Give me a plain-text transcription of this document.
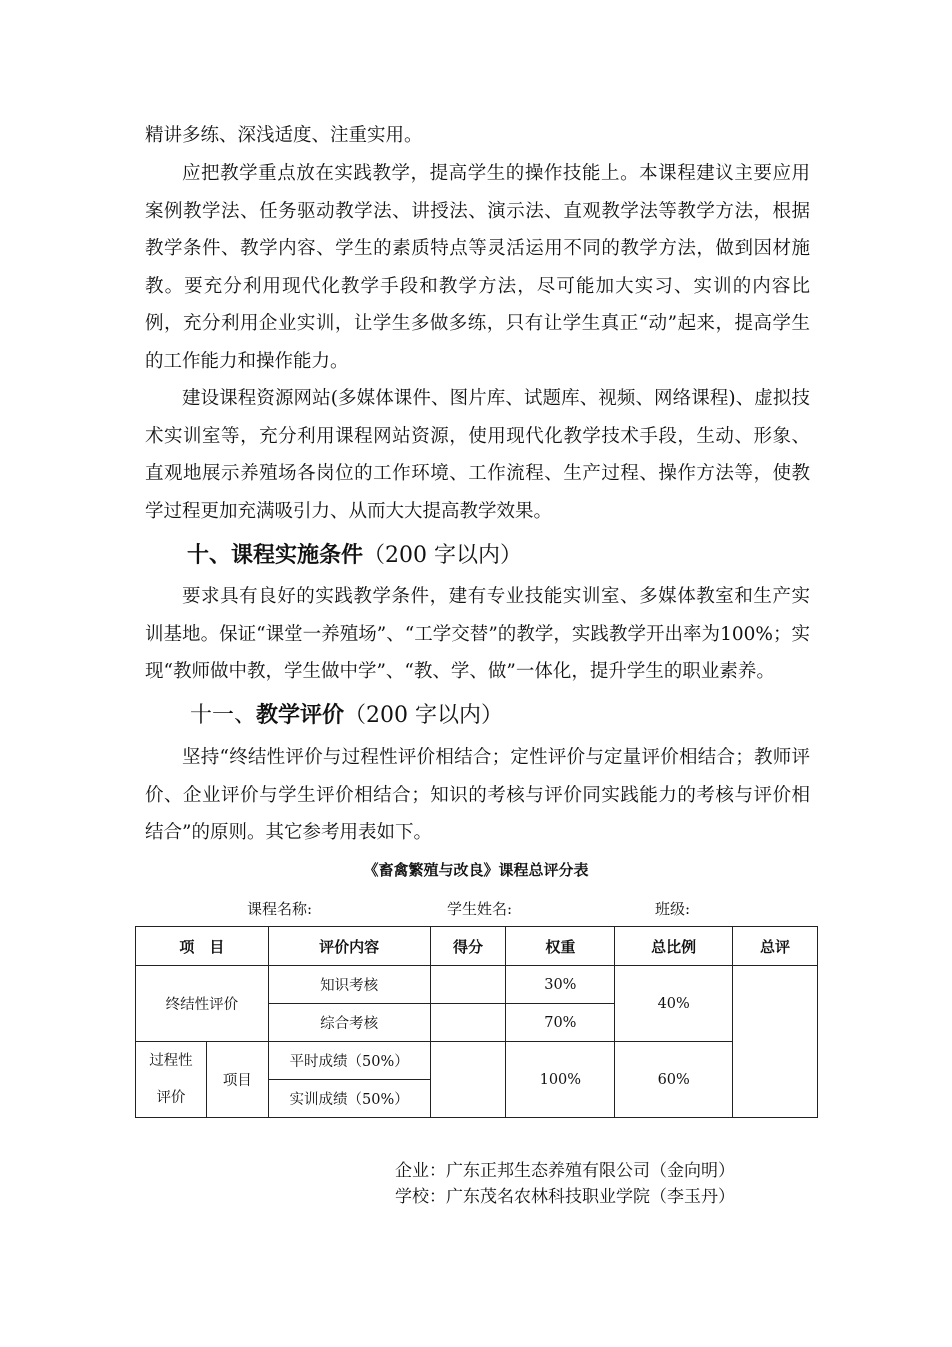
精讲多练、深浅适度、注重实用。

应把教学重点放在实践教学，提高学生的操作技能上。本课程建议主要应用案例教学法、任务驱动教学法、讲授法、演示法、直观教学法等教学方法，根据教学条件、教学内容、学生的素质特点等灵活运用不同的教学方法，做到因材施教。要充分利用现代化教学手段和教学方法，尽可能加大实习、实训的内容比例，充分利用企业实训，让学生多做多练，只有让学生真正“动”起来，提高学生的工作能力和操作能力。

建设课程资源网站(多媒体课件、图片库、试题库、视频、网络课程)、虚拟技术实训室等，充分利用课程网站资源，使用现代化教学技术手段，生动、形象、直观地展示养殖场各岗位的工作环境、工作流程、生产过程、操作方法等，使教学过程更加充满吸引力、从而大大提高教学效果。

十、课程实施条件（200 字以内）

要求具有良好的实践教学条件，建有专业技能实训室、多媒体教室和生产实训基地。保证“课堂一养殖场”、“工学交替”的教学，实践教学开出率为100%；实现“教师做中教，学生做中学”、“教、学、做”一体化，提升学生的职业素养。

十一、教学评价（200 字以内）

坚持“终结性评价与过程性评价相结合；定性评价与定量评价相结合；教师评价、企业评价与学生评价相结合；知识的考核与评价同实践能力的考核与评价相结合”的原则。其它参考用表如下。

《畜禽繁殖与改良》课程总评分表
课程名称:	学生姓名:	班级:
项　目		评价内容	得分	权重	总比例	总评
终结性评价		知识考核		30%	40%	
		综合考核		70%		
过程性
评价	项目	平时成绩（50%）		100%	60%	
		实训成绩（50%）				
企业：广东正邦生态养殖有限公司（金向明）
学校：广东茂名农林科技职业学院（李玉丹）
